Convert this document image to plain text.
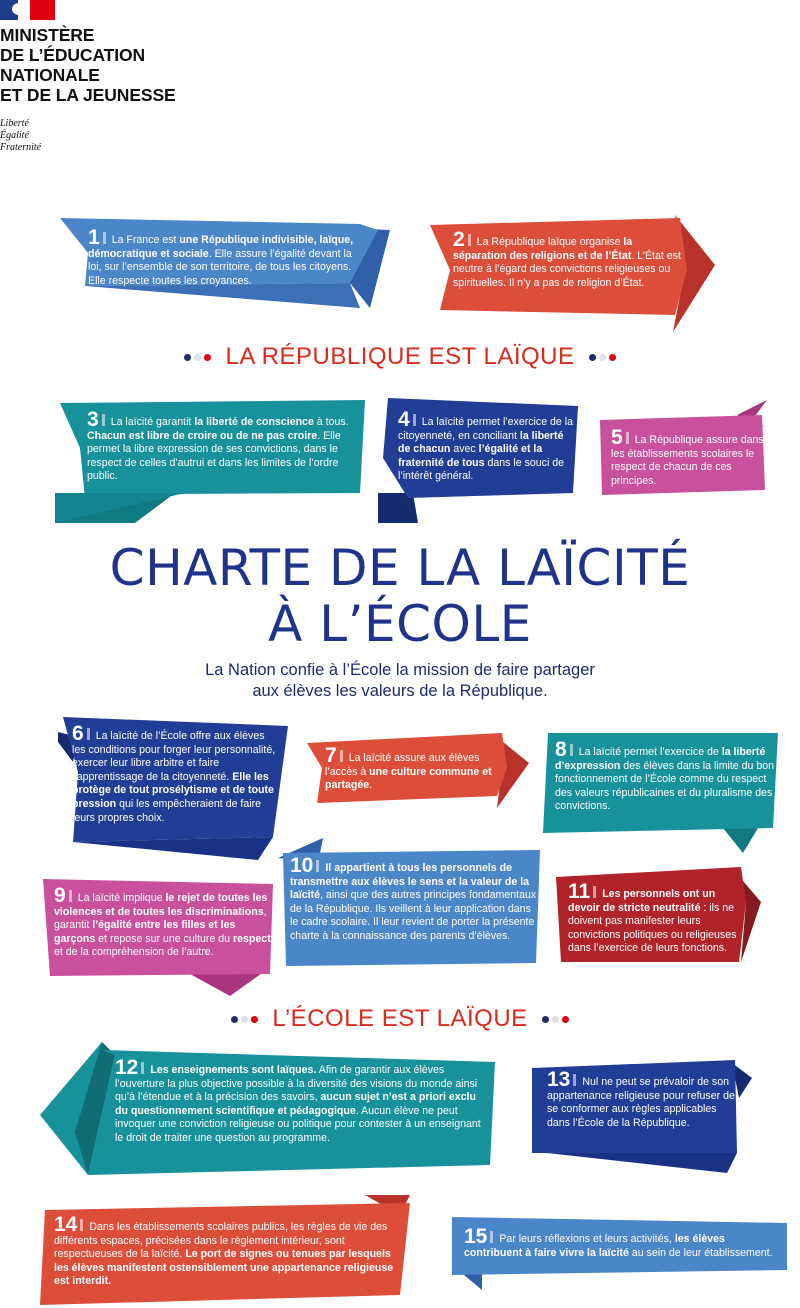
MINISTÈRE
DE L’ÉDUCATION
NATIONALE
ET DE LA JEUNESSE
Liberté
Égalité
Fraternité
1 La France est une République indivisible, laïque, démocratique et sociale. Elle assure l’égalité devant la loi, sur l’ensemble de son territoire, de tous les citoyens. Elle respecte toutes les croyances.
2 La République laïque organise la séparation des religions et de l’État. L’État est neutre à l’égard des convictions religieuses ou spirituelles. Il n’y a pas de religion d’État.
LA RÉPUBLIQUE EST LAÏQUE
3 La laïcité garantit la liberté de conscience à tous. Chacun est libre de croire ou de ne pas croire. Elle permet la libre expression de ses convictions, dans le respect de celles d’autrui et dans les limites de l’ordre public.
4 La laïcité permet l’exercice de la citoyenneté, en conciliant la liberté de chacun avec l’égalité et la fraternité de tous dans le souci de l’intérêt général.
5 La République assure dans les établissements scolaires le respect de chacun de ces principes.
CHARTE DE LA LAÏCITÉ
À L’ÉCOLE
La Nation confie à l’École la mission de faire partager
aux élèves les valeurs de la République.
6 La laïcité de l’École offre aux élèves les conditions pour forger leur personnalité, exercer leur libre arbitre et faire l’apprentissage de la citoyenneté. Elle les protège de tout prosélytisme et de toute pression qui les empêcheraient de faire leurs propres choix.
7 La laïcité assure aux élèves l’accès à une culture commune et partagée.
8 La laïcité permet l’exercice de la liberté d’expression des élèves dans la limite du bon fonctionnement de l’École comme du respect des valeurs républicaines et du pluralisme des convictions.
10 Il appartient à tous les personnels de transmettre aux élèves le sens et la valeur de la laïcité, ainsi que des autres principes fondamentaux de la République. Ils veillent à leur application dans le cadre scolaire. Il leur revient de porter la présente charte à la connaissance des parents d’élèves.
9 La laïcité implique le rejet de toutes les violences et de toutes les discriminations, garantit l’égalité entre les filles et les garçons et repose sur une culture du respect et de la compréhension de l’autre.
11 Les personnels ont un devoir de stricte neutralité : ils ne doivent pas manifester leurs convictions politiques ou religieuses dans l’exercice de leurs fonctions.
L’ÉCOLE EST LAÏQUE
12 Les enseignements sont laïques. Afin de garantir aux élèves l’ouverture la plus objective possible à la diversité des visions du monde ainsi qu’à l’étendue et à la précision des savoirs, aucun sujet n’est a priori exclu du questionnement scientifique et pédagogique. Aucun élève ne peut invoquer une conviction religieuse ou politique pour contester à un enseignant le droit de traiter une question au programme.
13 Nul ne peut se prévaloir de son appartenance religieuse pour refuser de se conformer aux règles applicables dans l’École de la République.
14 Dans les établissements scolaires publics, les règles de vie des différents espaces, précisées dans le règlement intérieur, sont respectueuses de la laïcité. Le port de signes ou tenues par lesquels les élèves manifestent ostensiblement une appartenance religieuse est interdit.
15 Par leurs réflexions et leurs activités, les élèves contribuent à faire vivre la laïcité au sein de leur établissement.
